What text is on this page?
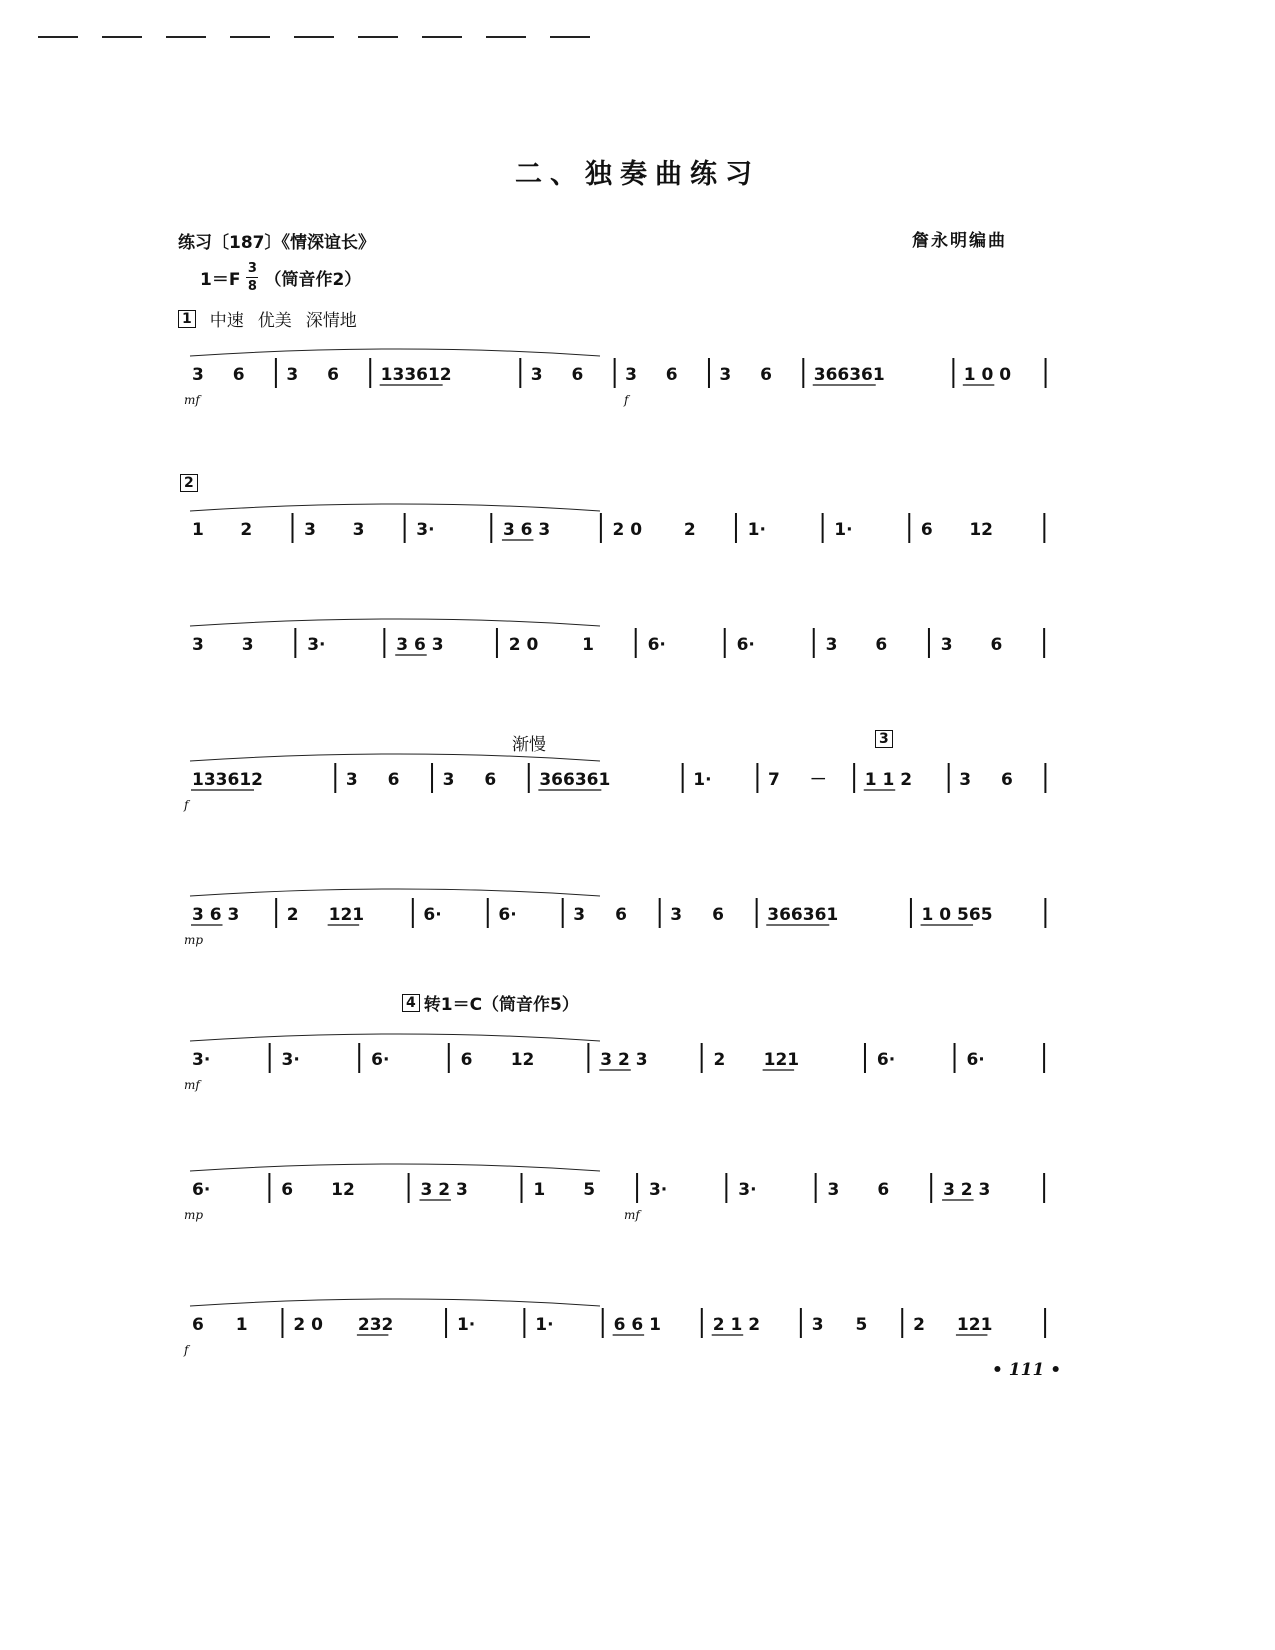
二、独奏曲练习
练习〔187〕《情深谊长》	詹永明编曲
$1=F \frac{3}{8}$ （筒音作2）
1 中速 优美 深情地
2
渐慢	3
4 转1＝C（筒音作5）
3 6 3 6 133612	3 6 3 6 3 6 366361	1 0 0
mf	f
1 2	3 3	3·	3 6 3	2 0 2	1·	1·	6 12
3 3	3·	3 6 3	2 0	1	6·	6·	3 6	3 6
133612	3 6	3 6	366361	1·	7 － 1 1 2	3 6
f
3 6 3	2 121	6·	6·	3 6	3 6	366361	1 0 565
mp
3·	3·	6·	6 12	3 2 3	2 121	6·	6·
mf
6·	6 12	3 2 3	1 5	3·	3·	3 6	3 2 3
mp	mf
6 1	2 0 232	1·	1·	6 6 1	2 1 2	3 5	2 121
f
• 111 •
